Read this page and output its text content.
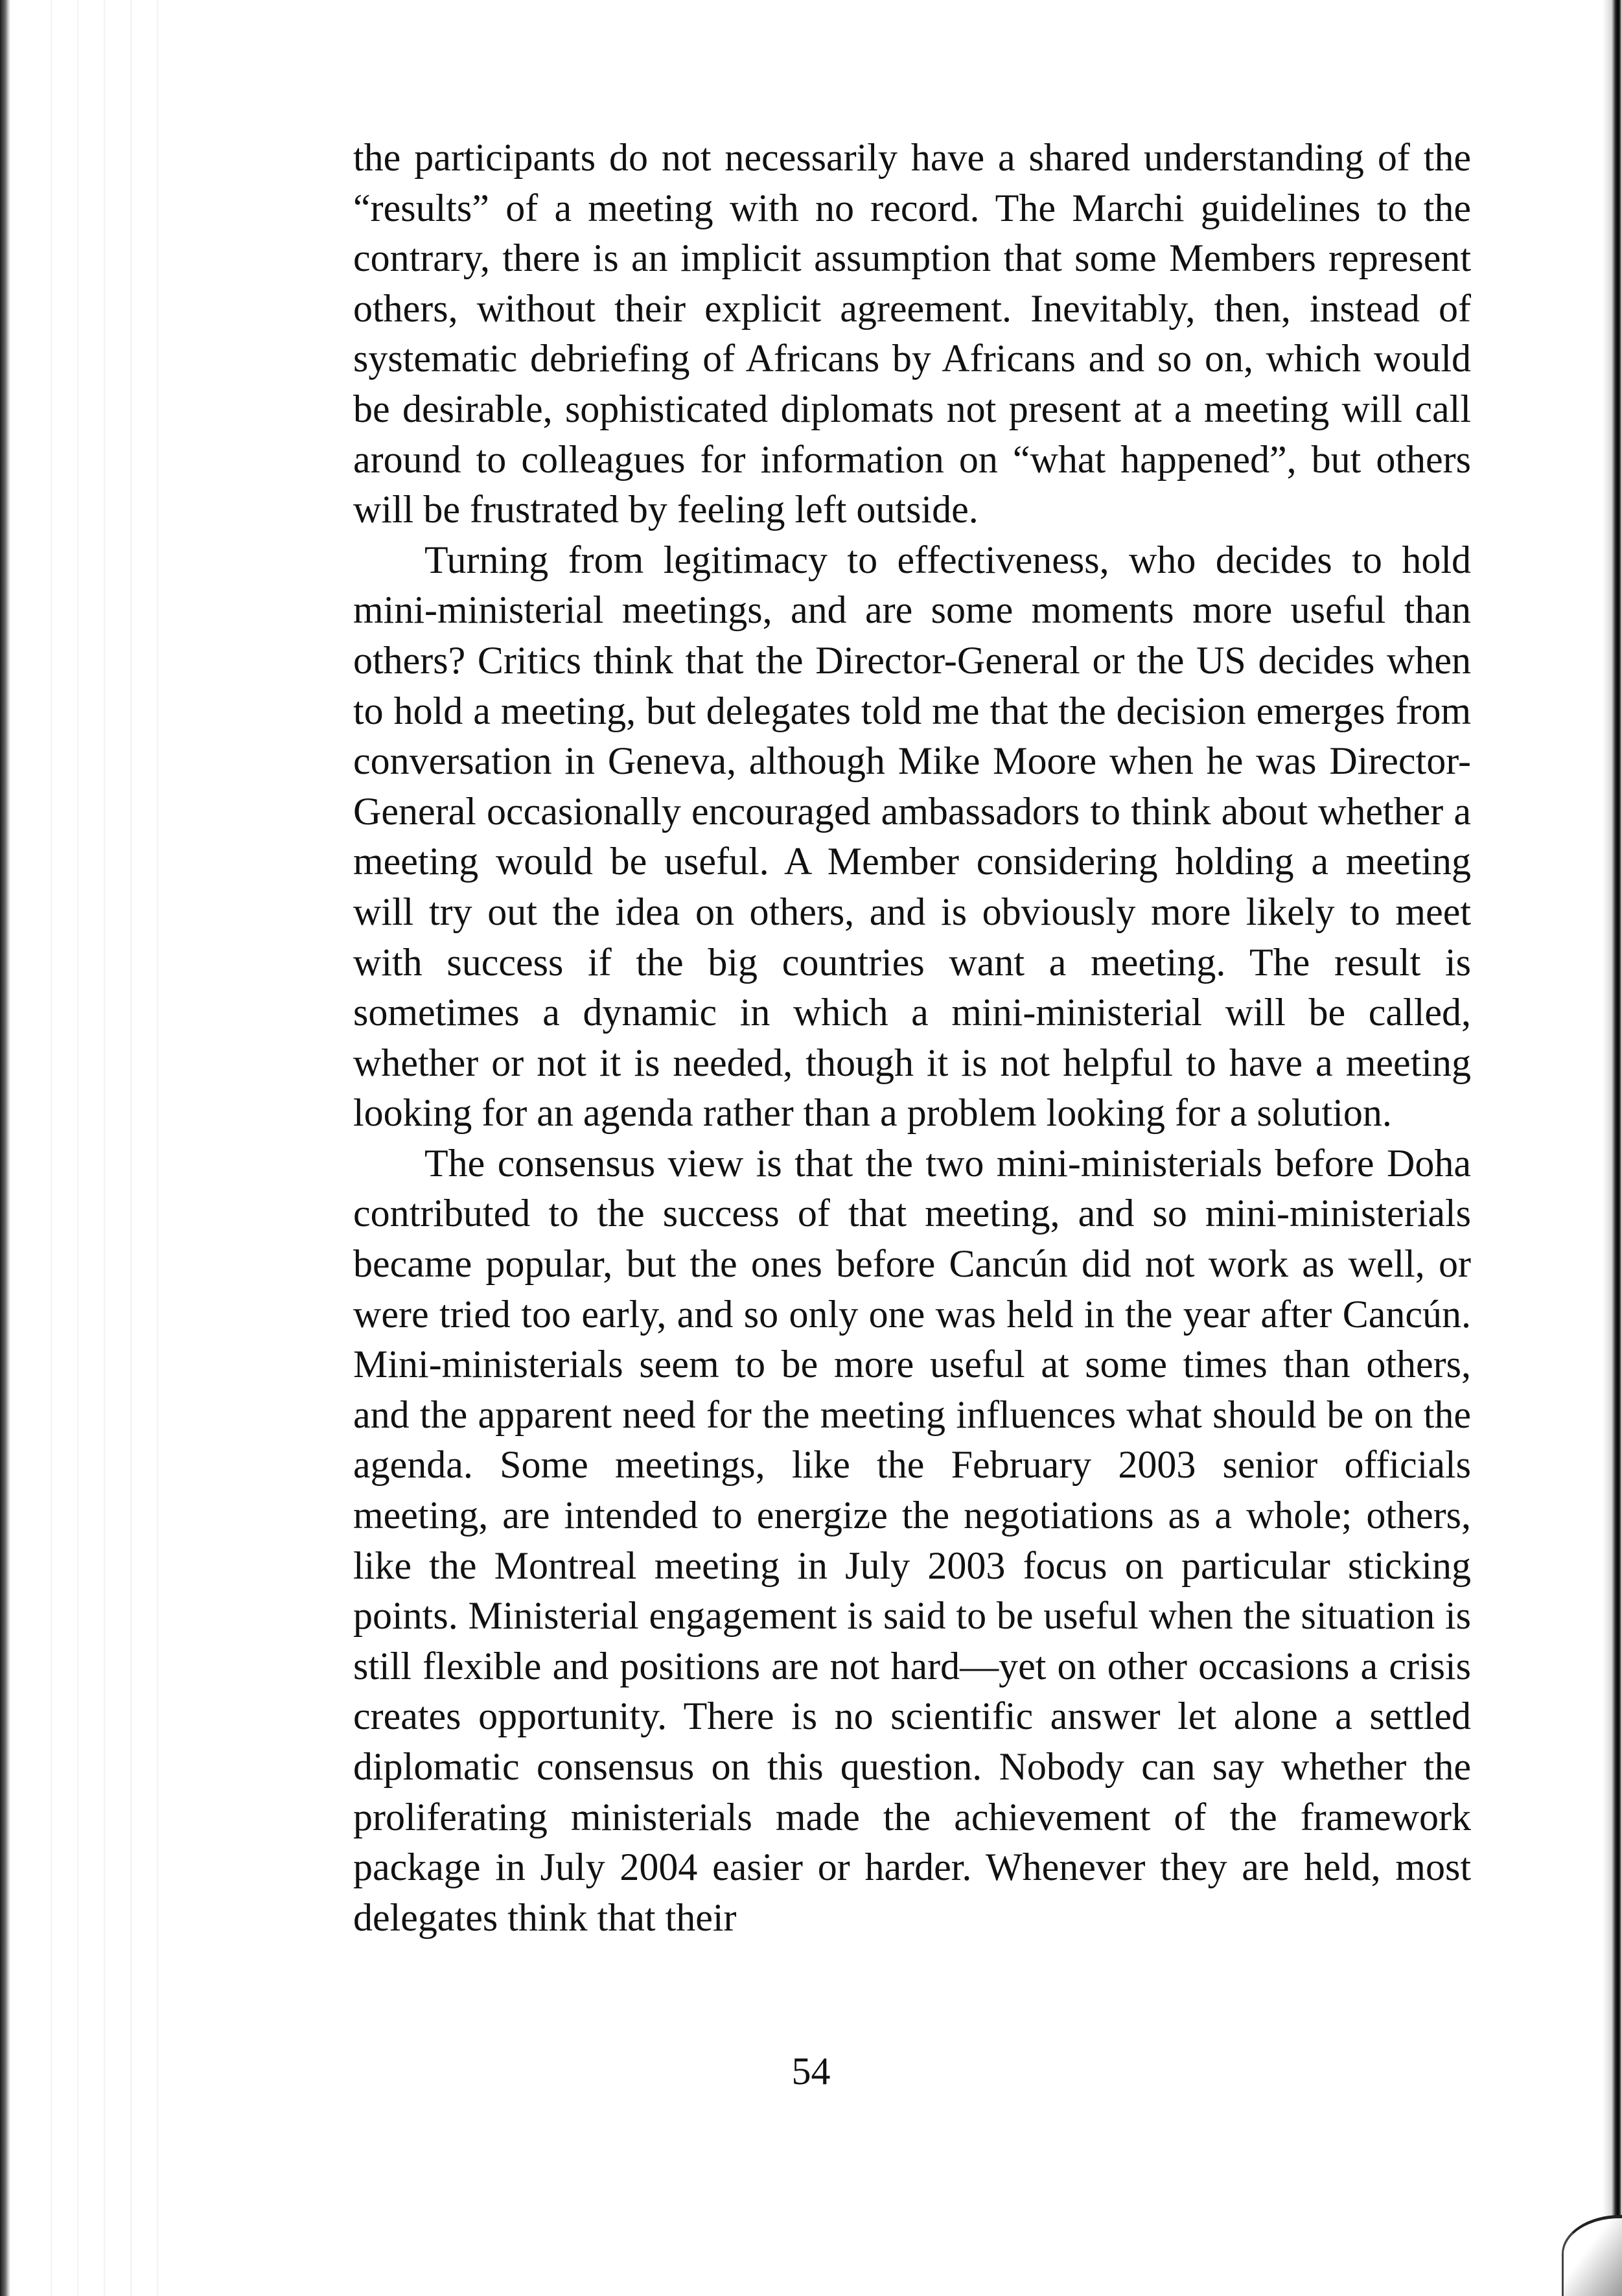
the participants do not necessarily have a shared understanding of the “results” of a meeting with no record. The Marchi guidelines to the contrary, there is an implicit assumption that some Members represent others, without their explicit agreement. Inevitably, then, instead of systematic debriefing of Africans by Africans and so on, which would be desirable, sophisticated diplomats not present at a meeting will call around to colleagues for information on “what happened”, but others will be frustrated by feeling left outside.

Turning from legitimacy to effectiveness, who decides to hold mini-ministerial meetings, and are some moments more useful than others? Critics think that the Director-General or the US decides when to hold a meeting, but delegates told me that the decision emerges from conversation in Geneva, although Mike Moore when he was Director-General occasionally encouraged ambassadors to think about whether a meeting would be useful. A Member considering holding a meeting will try out the idea on others, and is obviously more likely to meet with success if the big countries want a meeting. The result is sometimes a dynamic in which a mini-ministerial will be called, whether or not it is needed, though it is not helpful to have a meeting looking for an agenda rather than a problem looking for a solution.

The consensus view is that the two mini-ministerials before Doha contributed to the success of that meeting, and so mini-ministerials became popular, but the ones before Cancún did not work as well, or were tried too early, and so only one was held in the year after Cancún. Mini-ministerials seem to be more useful at some times than others, and the apparent need for the meeting influences what should be on the agenda. Some meetings, like the February 2003 senior officials meeting, are intended to energize the negotiations as a whole; others, like the Montreal meeting in July 2003 focus on particular sticking points. Ministerial engagement is said to be useful when the situation is still flexible and positions are not hard—yet on other occasions a crisis creates opportunity. There is no scientific answer let alone a settled diplomatic consensus on this question. Nobody can say whether the proliferating ministerials made the achievement of the framework package in July 2004 easier or harder. Whenever they are held, most delegates think that their

54
